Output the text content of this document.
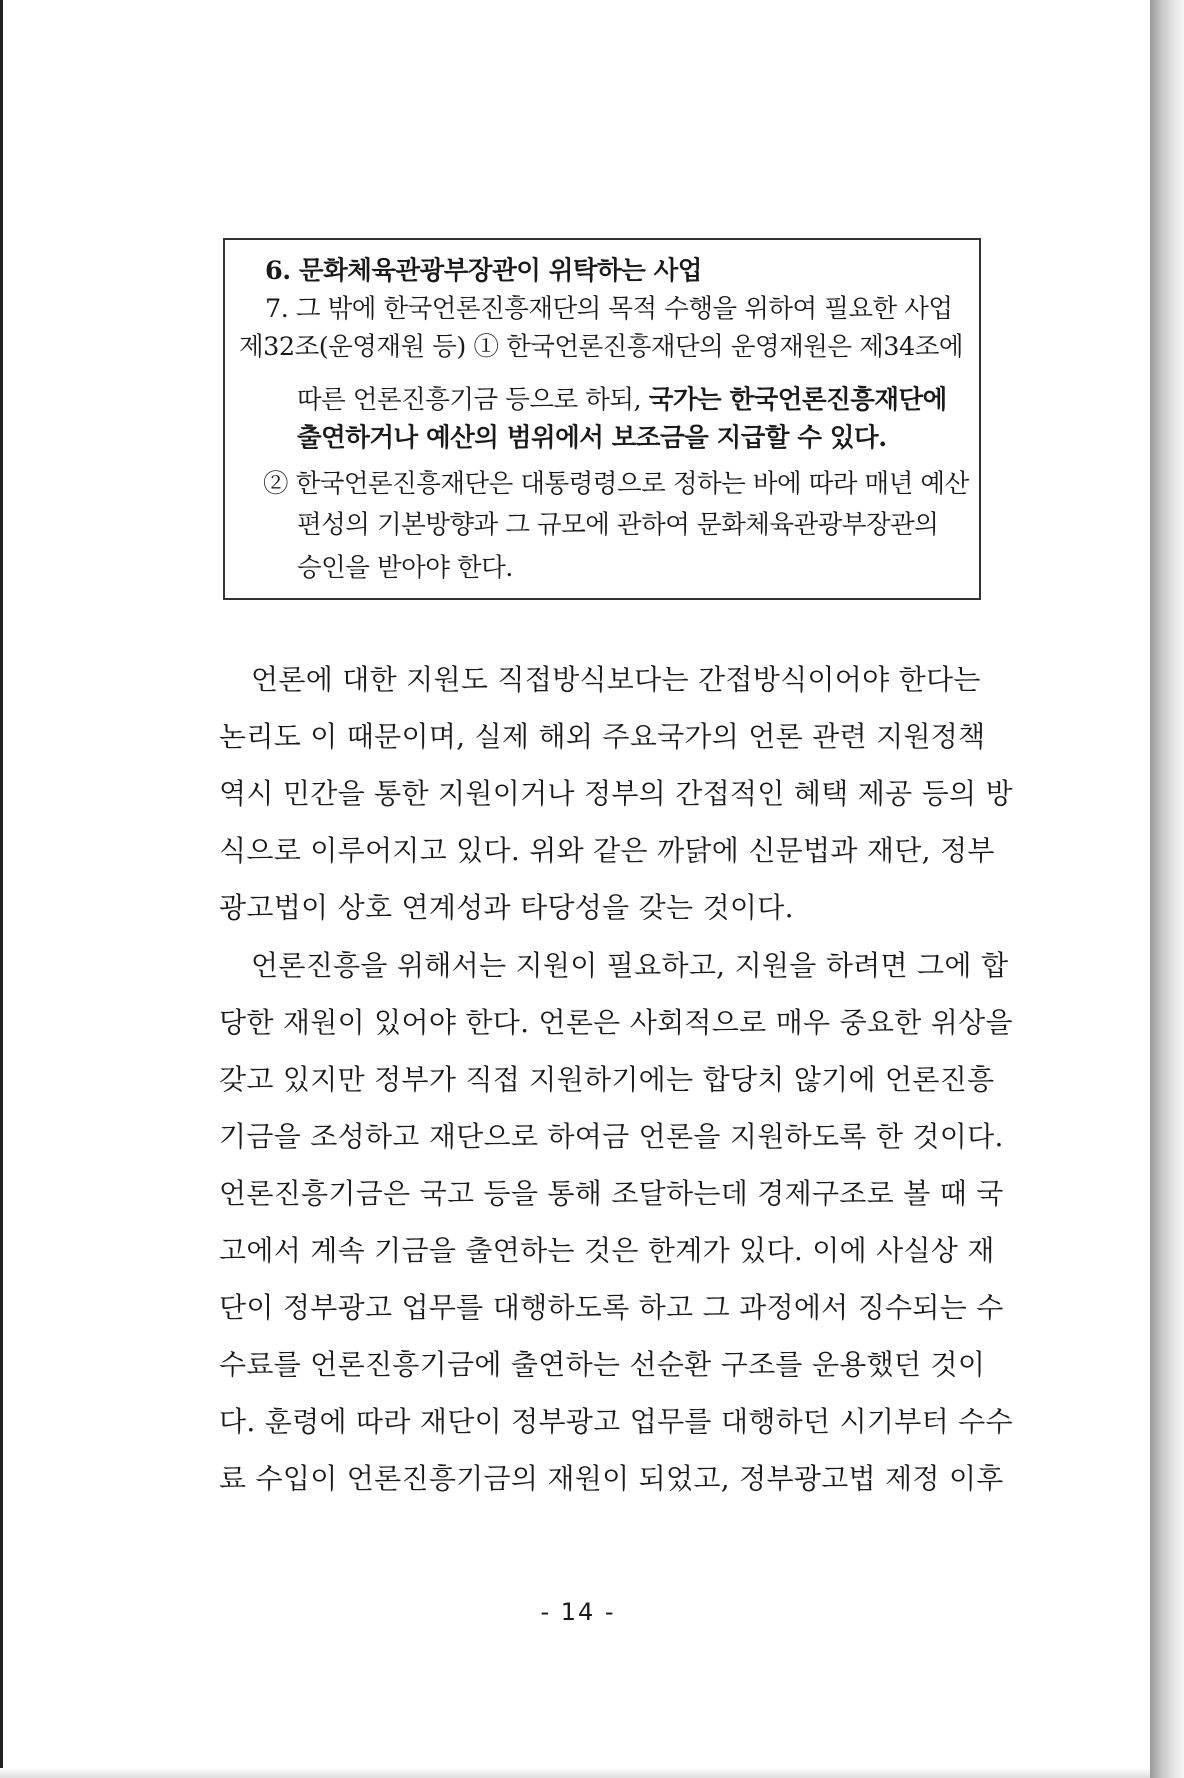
6. 문화체육관광부장관이 위탁하는 사업
7. 그 밖에 한국언론진흥재단의 목적 수행을 위하여 필요한 사업
제32조(운영재원 등) ① 한국언론진흥재단의 운영재원은 제34조에
따른 언론진흥기금 등으로 하되, 국가는 한국언론진흥재단에
출연하거나 예산의 범위에서 보조금을 지급할 수 있다.
② 한국언론진흥재단은 대통령령으로 정하는 바에 따라 매년 예산
편성의 기본방향과 그 규모에 관하여 문화체육관광부장관의
승인을 받아야 한다.
언론에 대한 지원도 직접방식보다는 간접방식이어야 한다는
논리도 이 때문이며, 실제 해외 주요국가의 언론 관련 지원정책
역시 민간을 통한 지원이거나 정부의 간접적인 혜택 제공 등의 방
식으로 이루어지고 있다. 위와 같은 까닭에 신문법과 재단, 정부
광고법이 상호 연계성과 타당성을 갖는 것이다.
언론진흥을 위해서는 지원이 필요하고, 지원을 하려면 그에 합
당한 재원이 있어야 한다. 언론은 사회적으로 매우 중요한 위상을
갖고 있지만 정부가 직접 지원하기에는 합당치 않기에 언론진흥
기금을 조성하고 재단으로 하여금 언론을 지원하도록 한 것이다.
언론진흥기금은 국고 등을 통해 조달하는데 경제구조로 볼 때 국
고에서 계속 기금을 출연하는 것은 한계가 있다. 이에 사실상 재
단이 정부광고 업무를 대행하도록 하고 그 과정에서 징수되는 수
수료를 언론진흥기금에 출연하는 선순환 구조를 운용했던 것이
다. 훈령에 따라 재단이 정부광고 업무를 대행하던 시기부터 수수
료 수입이 언론진흥기금의 재원이 되었고, 정부광고법 제정 이후
- 14 -
